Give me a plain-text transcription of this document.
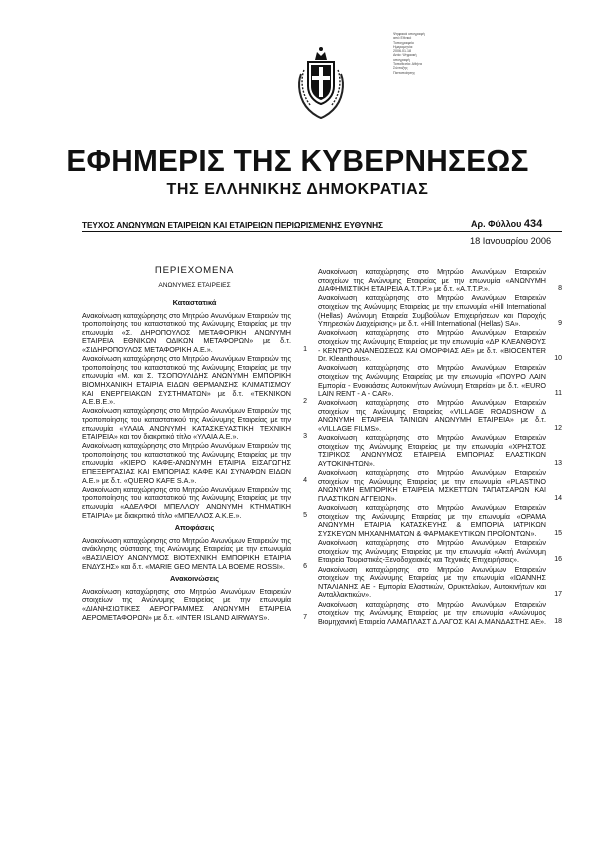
Ψηφιακά υπογραφή
από Εθνικό
Τυπογραφείο
Ημερομηνία:
2006.01.18
Αιτία: Ψηφιακή
υπογραφή
Τοποθεσία: Αθήνα
Σύνταξης
Πιστοποίησης
ΕΦΗΜΕΡΙΣ ΤΗΣ ΚΥΒΕΡΝΗΣΕΩΣ
ΤΗΣ ΕΛΛΗΝΙΚΗΣ ΔΗΜΟΚΡΑΤΙΑΣ
ΤΕΥΧΟΣ ΑΝΩΝΥΜΩΝ ΕΤΑΙΡΕΙΩΝ ΚΑΙ ΕΤΑΙΡΕΙΩΝ ΠΕΡΙΩΡΙΣΜΕΝΗΣ ΕΥΘΥΝΗΣ	Αρ. Φύλλου 434
18 Ιανουαρίου 2006
ΠΕΡΙΕΧΟΜΕΝΑ
ΑΝΩΝΥΜΕΣ ΕΤΑΙΡΕΙΕΣ
Καταστατικά
Ανακοίνωση καταχώρησης στο Μητρώο Ανωνύμων Εταιρειών της τροποποίησης του καταστατικού της Ανώνυμης Εταιρείας με την επωνυμία «Σ. ΔΗΡΟΠΟΥΛΟΣ ΜΕΤΑΦΟΡΙΚΗ ΑΝΩΝΥΜΗ ΕΤΑΙΡΕΙΑ ΕΘΝΙΚΩΝ ΟΔΙΚΩΝ ΜΕΤΑΦΟΡΩΝ» με δ.τ. «ΣΙΔΗΡΟΠΟΥΛΟΣ ΜΕΤΑΦΟΡΙΚΗ Α.Ε.».	1
Ανακοίνωση καταχώρησης στο Μητρώο Ανωνύμων Εταιρειών της τροποποίησης του καταστατικού της Ανώνυμης Εταιρείας με την επωνυμία «Μ. και Σ. ΤΣΟΠΟΥΛΙΔΗΣ ΑΝΩΝΥΜΗ ΕΜΠΟΡΙΚΗ ΒΙΟΜΗΧΑΝΙΚΗ ΕΤΑΙΡΙΑ ΕΙΔΩΝ ΘΕΡΜΑΝΣΗΣ ΚΛΙΜΑΤΙΣΜΟΥ ΚΑΙ ΕΝΕΡΓΕΙΑΚΩΝ ΣΥΣΤΗΜΑΤΩΝ» με δ.τ. «ΤΕΚΝΙΚΟΝ Α.Ε.Β.Ε.».	2
Ανακοίνωση καταχώρησης στο Μητρώο Ανωνύμων Εταιρειών της τροποποίησης του καταστατικού της Ανώνυμης Εταιρείας με την επωνυμία «ΥΛΑΙΑ ΑΝΩΝΥΜΗ ΚΑΤΑΣΚΕΥΑΣΤΙΚΗ ΤΕΧΝΙΚΗ ΕΤΑΙΡΕΙΑ» και τον διακριτικό τίτλο «ΥΛΑΙΑ Α.Ε.».	3
Ανακοίνωση καταχώρησης στο Μητρώο Ανωνύμων Εταιρειών της τροποποίησης του καταστατικού της Ανώνυμης Εταιρείας με την επωνυμία «ΚΙΕΡΟ ΚΑΦΕ-ΑΝΩΝΥΜΗ ΕΤΑΙΡΙΑ ΕΙΣΑΓΩΓΗΣ ΕΠΕΞΕΡΓΑΣΙΑΣ ΚΑΙ ΕΜΠΟΡΙΑΣ ΚΑΦΕ ΚΑΙ ΣΥΝΑΦΩΝ ΕΙΔΩΝ Α.Ε.» με δ.τ. «QUERO KAFE S.A.».	4
Ανακοίνωση καταχώρησης στο Μητρώο Ανωνύμων Εταιρειών της τροποποίησης του καταστατικού της Ανώνυμης Εταιρείας με την επωνυμία «ΑΔΕΛΦΟΙ ΜΠΕΛΛΟΥ ΑΝΩΝΥΜΗ ΚΤΗΜΑΤΙΚΗ ΕΤΑΙΡΙΑ» με διακριτικό τίτλο «ΜΠΕΛΛΟΣ Α.Κ.Ε.».	5
Αποφάσεις
Ανακοίνωση καταχώρησης στο Μητρώο Ανωνύμων Εταιρειών της ανάκλησης σύστασης της Ανώνυμης Εταιρείας με την επωνυμία «ΒΑΣΙΛΕΙΟΥ ΑΝΩΝΥΜΟΣ ΒΙΟΤΕΧΝΙΚΗ ΕΜΠΟΡΙΚΗ ΕΤΑΙΡΙΑ ΕΝΔΥΣΗΣ» και δ.τ. «MARIE GEO MENTA LA BOEME ROSSI».	6
Ανακοινώσεις
Ανακοίνωση καταχώρησης στο Μητρώο Ανωνύμων Εταιρειών στοιχείων της Ανώνυμης Εταιρείας με την επωνυμία «ΔΙΑΝΗΣΙΩΤΙΚΕΣ ΑΕΡΟΓΡΑΜΜΕΣ ΑΝΩΝΥΜΗ ΕΤΑΙΡΕΙΑ ΑΕΡΟΜΕΤΑΦΟΡΩΝ» με δ.τ. «INTER ISLAND AIRWAYS».	7
Ανακοίνωση καταχώρησης στο Μητρώο Ανωνύμων Εταιρειών στοιχείων της Ανώνυμης Εταιρείας με την επωνυμία «ΑΝΩΝΥΜΗ ΔΙΑΦΗΜΙΣΤΙΚΗ ΕΤΑΙΡΕΙΑ Α.Τ.Τ.Ρ.» με δ.τ. «Α.Τ.Τ.Ρ.».	8
Ανακοίνωση καταχώρησης στο Μητρώο Ανωνύμων Εταιρειών στοιχείων της Ανώνυμης Εταιρείας με την επωνυμία «Hill International (Hellas) Ανώνυμη Εταιρεία Συμβούλων Επιχειρήσεων και Παροχής Υπηρεσιών Διαχείρισης» με δ.τ. «Hill International (Hellas) SA».	9
Ανακοίνωση καταχώρησης στο Μητρώο Ανωνύμων Εταιρειών στοιχείων της Ανώνυμης Εταιρείας με την επωνυμία «ΔΡ ΚΛΕΑΝΘΟΥΣ - ΚΕΝΤΡΟ ΑΝΑΝΕΩΣΕΩΣ ΚΑΙ ΟΜΟΡΦΙΑΣ ΑΕ» με δ.τ. «BIOCENTER Dr. Kleanthous».	10
Ανακοίνωση καταχώρησης στο Μητρώο Ανωνύμων Εταιρειών στοιχείων της Ανώνυμης Εταιρείας με την επωνυμία «ΠΟΥΡΟ ΛΑΙΝ Εμπορία - Ενοικιάσεις Αυτοκινήτων Ανώνυμη Εταιρεία» με δ.τ. «EURO LAIN RENT - A - CAR».	11
Ανακοίνωση καταχώρησης στο Μητρώο Ανωνύμων Εταιρειών στοιχείων της Ανώνυμης Εταιρείας «VILLAGE ROADSHOW Δ ΑΝΩΝΥΜΗ ΕΤΑΙΡΕΙΑ ΤΑΙΝΙΩΝ ΑΝΩΝΥΜΗ ΕΤΑΙΡΕΙΑ» με δ.τ. «VILLAGE FILMS».	12
Ανακοίνωση καταχώρησης στο Μητρώο Ανωνύμων Εταιρειών στοιχείων της Ανώνυμης Εταιρείας με την επωνυμία «ΧΡΗΣΤΟΣ ΤΣΙΡΙΚΟΣ ΑΝΩΝΥΜΟΣ ΕΤΑΙΡΕΙΑ ΕΜΠΟΡΙΑΣ ΕΛΑΣΤΙΚΩΝ ΑΥΤΟΚΙΝΗΤΩΝ».	13
Ανακοίνωση καταχώρησης στο Μητρώο Ανωνύμων Εταιρειών στοιχείων της Ανώνυμης Εταιρείας με την επωνυμία «PLASTINO ΑΝΩΝΥΜΗ ΕΜΠΟΡΙΚΗ ΕΤΑΙΡΕΙΑ ΜΣΚΕΤΤΩΝ ΤΑΠΑΤΣΑΡΩΝ ΚΑΙ ΠΛΑΣΤΙΚΩΝ ΑΓΓΕΙΩΝ».	14
Ανακοίνωση καταχώρησης στο Μητρώο Ανωνύμων Εταιρειών στοιχείων της Ανώνυμης Εταιρείας με την επωνυμία «ΟΡΑΜΑ ΑΝΩΝΥΜΗ ΕΤΑΙΡΙΑ ΚΑΤΑΣΚΕΥΗΣ & ΕΜΠΟΡΙΑ ΙΑΤΡΙΚΩΝ ΣΥΣΚΕΥΩΝ ΜΗΧΑΝΗΜΑΤΩΝ & ΦΑΡΜΑΚΕΥΤΙΚΩΝ ΠΡΟΪΟΝΤΩΝ».	15
Ανακοίνωση καταχώρησης στο Μητρώο Ανωνύμων Εταιρειών στοιχείων της Ανώνυμης Εταιρείας με την επωνυμία «Ακτή Ανώνυμη Εταιρεία Τουριστικές-Ξενοδοχειακές και Τεχνικές Επιχειρήσεις».	16
Ανακοίνωση καταχώρησης στο Μητρώο Ανωνύμων Εταιρειών στοιχείων της Ανώνυμης Εταιρείας με την επωνυμία «ΙΩΑΝΝΗΣ ΝΤΑΛΙΑΝΗΣ ΑΕ - Εμπορία Ελαστικών, Ορυκτελαίων, Αυτοκινήτων και Ανταλλακτικών».	17
Ανακοίνωση καταχώρησης στο Μητρώο Ανωνύμων Εταιρειών στοιχείων της Ανώνυμης Εταιρείας με την επωνυμία «Ανώνυμος Βιομηχανική Εταιρεία ΛΑΜΑΠΛΑΣΤ Δ.ΛΑΓΟΣ ΚΑΙ Α.ΜΑΝΔΑΣΤΗΣ ΑΕ». 18
